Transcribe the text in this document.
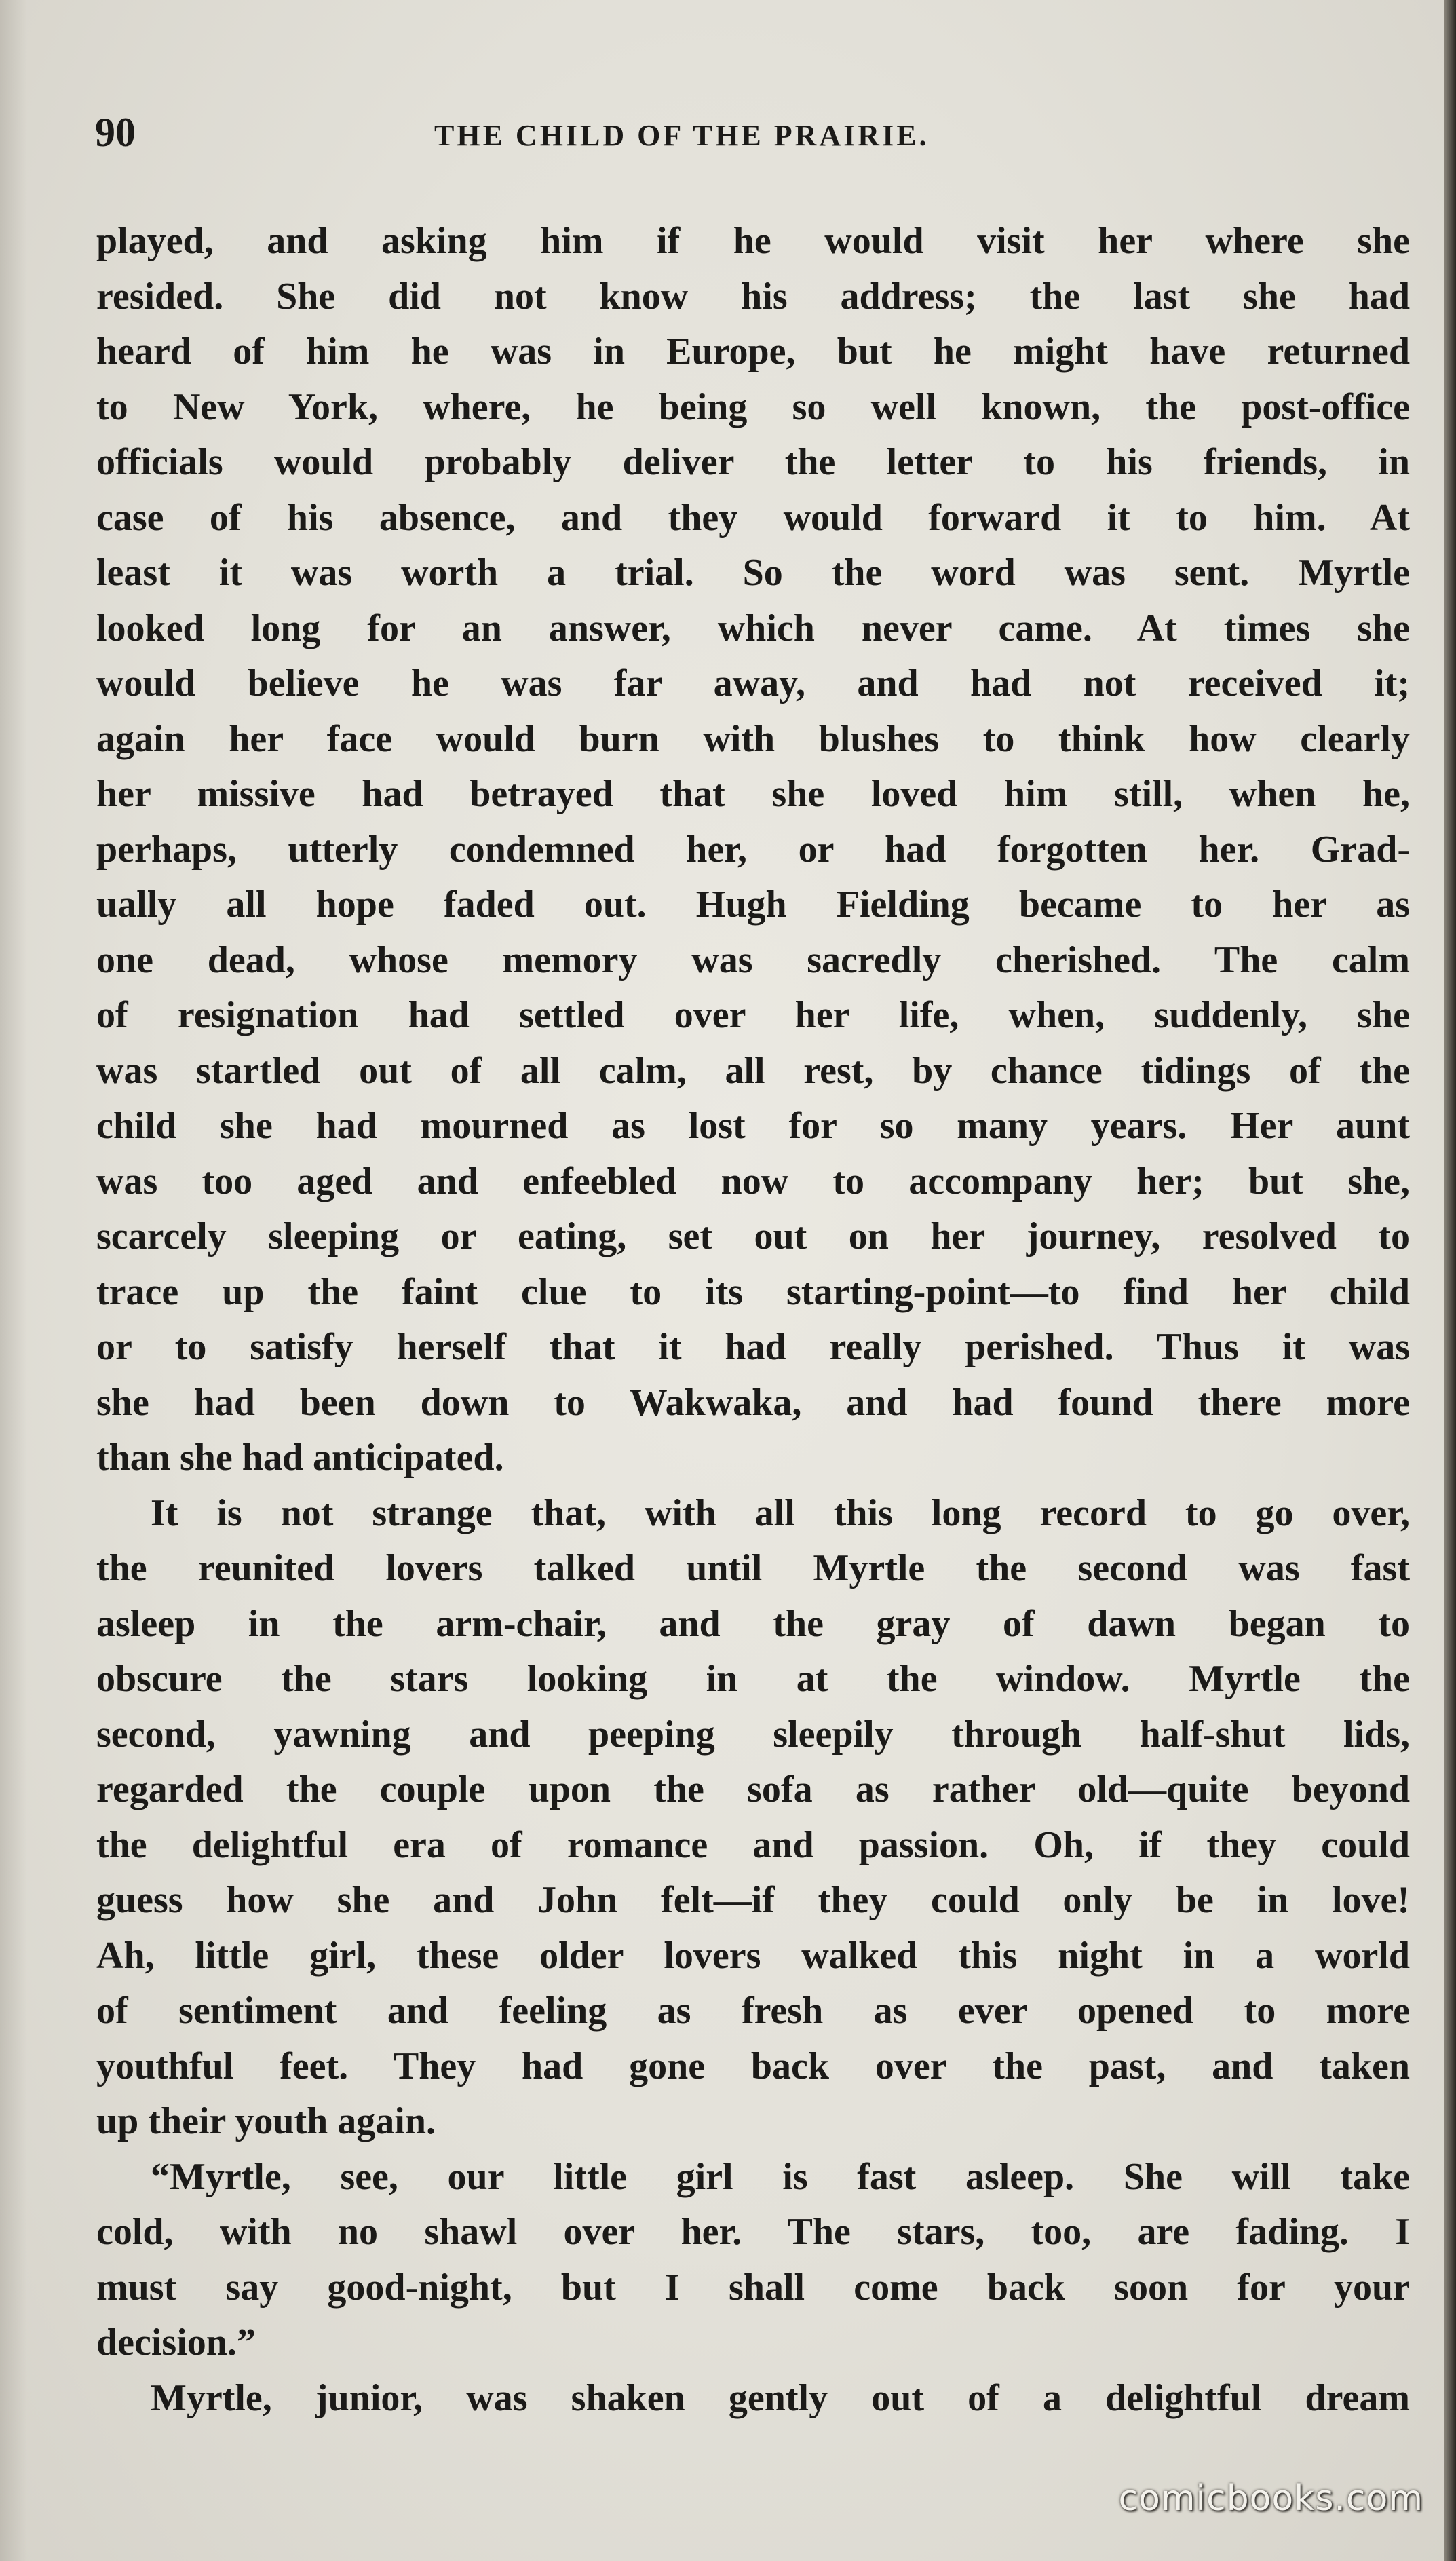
90	THE CHILD OF THE PRAIRIE.
played, and asking him if he would visit her where she
resided. She did not know his address; the last she had
heard of him he was in Europe, but he might have returned
to New York, where, he being so well known, the post-office
officials would probably deliver the letter to his friends, in
case of his absence, and they would forward it to him. At
least it was worth a trial. So the word was sent. Myrtle
looked long for an answer, which never came. At times she
would believe he was far away, and had not received it;
again her face would burn with blushes to think how clearly
her missive had betrayed that she loved him still, when he,
perhaps, utterly condemned her, or had forgotten her. Grad-
ually all hope faded out. Hugh Fielding became to her as
one dead, whose memory was sacredly cherished. The calm
of resignation had settled over her life, when, suddenly, she
was startled out of all calm, all rest, by chance tidings of the
child she had mourned as lost for so many years. Her aunt
was too aged and enfeebled now to accompany her; but she,
scarcely sleeping or eating, set out on her journey, resolved to
trace up the faint clue to its starting-point—to find her child
or to satisfy herself that it had really perished. Thus it was
she had been down to Wakwaka, and had found there more
than she had anticipated.
It is not strange that, with all this long record to go over,
the reunited lovers talked until Myrtle the second was fast
asleep in the arm-chair, and the gray of dawn began to
obscure the stars looking in at the window. Myrtle the
second, yawning and peeping sleepily through half-shut lids,
regarded the couple upon the sofa as rather old—quite beyond
the delightful era of romance and passion. Oh, if they could
guess how she and John felt—if they could only be in love!
Ah, little girl, these older lovers walked this night in a world
of sentiment and feeling as fresh as ever opened to more
youthful feet. They had gone back over the past, and taken
up their youth again.
“Myrtle, see, our little girl is fast asleep. She will take
cold, with no shawl over her. The stars, too, are fading. I
must say good-night, but I shall come back soon for your
decision.”
Myrtle, junior, was shaken gently out of a delightful dream
comicbooks.com
